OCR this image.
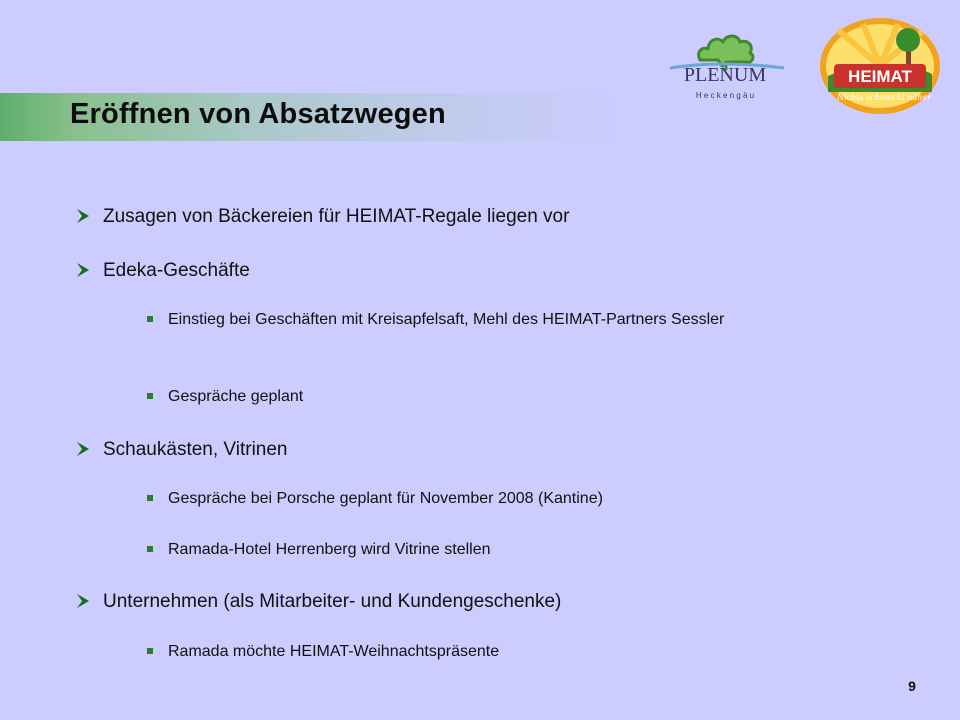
Eröffnen von Absatzwegen
PLENUM
H e c k e n g ä u
HEIMAT
Nichts schmeckt näher
Zusagen von Bäckereien für HEIMAT-Regale liegen vor
Edeka-Geschäfte
Einstieg bei Geschäften mit Kreisapfelsaft, Mehl des HEIMAT-Partners Sessler
Gespräche geplant
Schaukästen, Vitrinen
Gespräche bei Porsche geplant für November 2008 (Kantine)
Ramada-Hotel Herrenberg wird Vitrine stellen
Unternehmen (als Mitarbeiter- und Kundengeschenke)
Ramada möchte HEIMAT-Weihnachtspräsente
9
